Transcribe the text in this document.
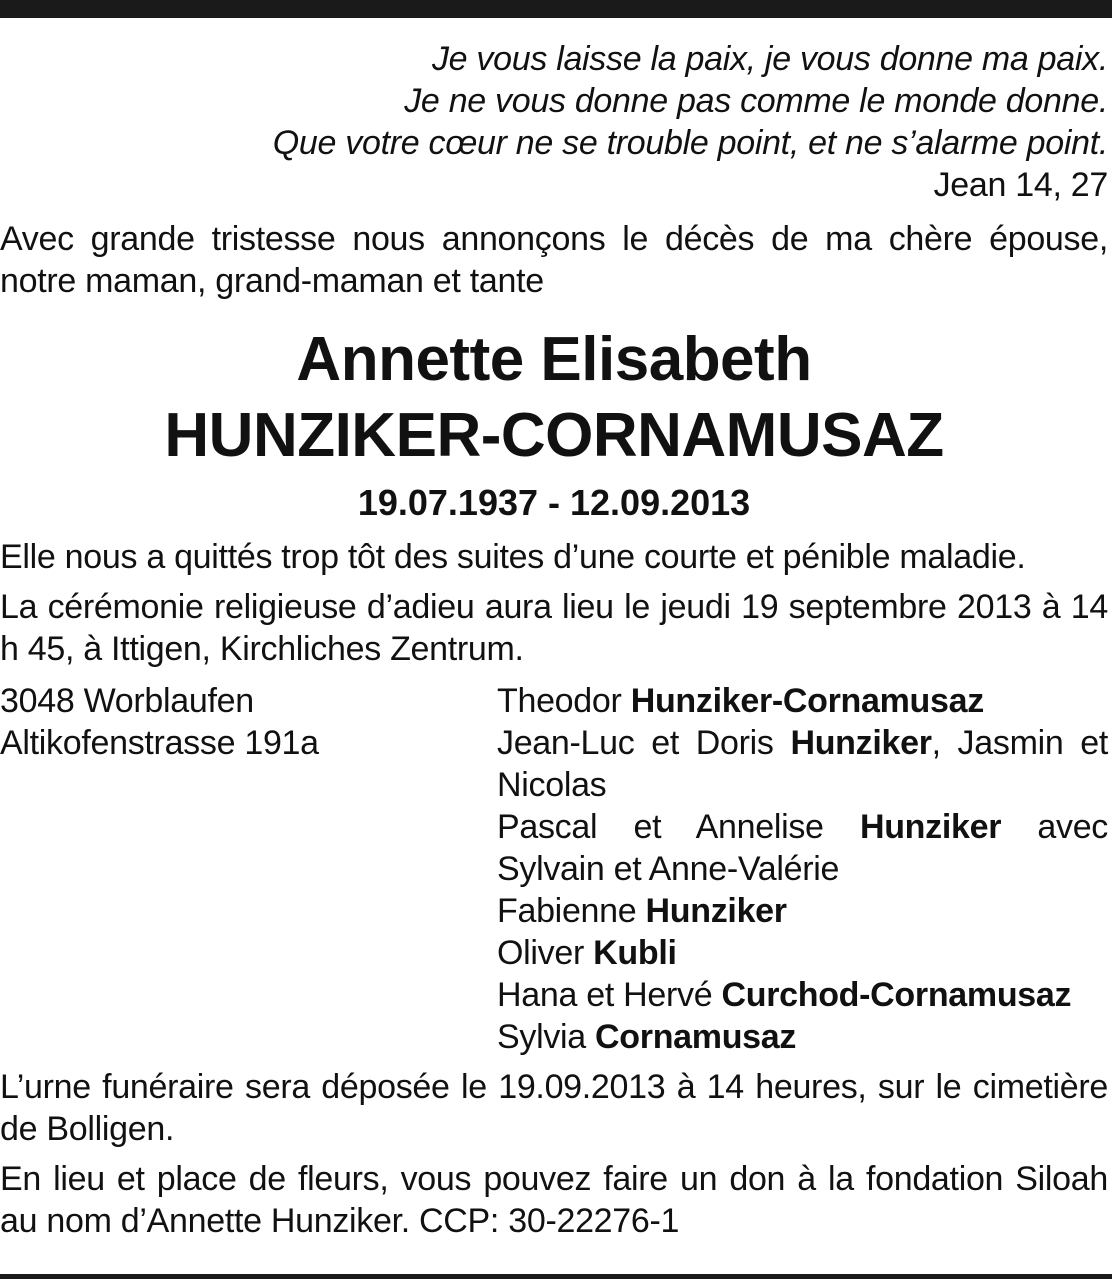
Je vous laisse la paix, je vous donne ma paix.
Je ne vous donne pas comme le monde donne.
Que votre cœur ne se trouble point, et ne s’alarme point.
Jean 14, 27
Avec grande tristesse nous annonçons le décès de ma chère épouse, notre maman, grand-maman et tante
Annette Elisabeth
HUNZIKER-CORNAMUSAZ
19.07.1937 - 12.09.2013
Elle nous a quittés trop tôt des suites d’une courte et pénible maladie.
La cérémonie religieuse d’adieu aura lieu le jeudi 19 septembre 2013 à 14 h 45, à Ittigen, Kirchliches Zentrum.
3048 Worblaufen
Altikofenstrasse 191a
Theodor Hunziker-Cornamusaz
Jean-Luc et Doris Hunziker, Jasmin et Nicolas
Pascal et Annelise Hunziker avec Sylvain et Anne-Valérie
Fabienne Hunziker
Oliver Kubli
Hana et Hervé Curchod-Cornamusaz
Sylvia Cornamusaz
L’urne funéraire sera déposée le 19.09.2013 à 14 heures, sur le cimetière de Bolligen.
En lieu et place de fleurs, vous pouvez faire un don à la fondation Siloah au nom d’Annette Hunziker. CCP: 30-22276-1
